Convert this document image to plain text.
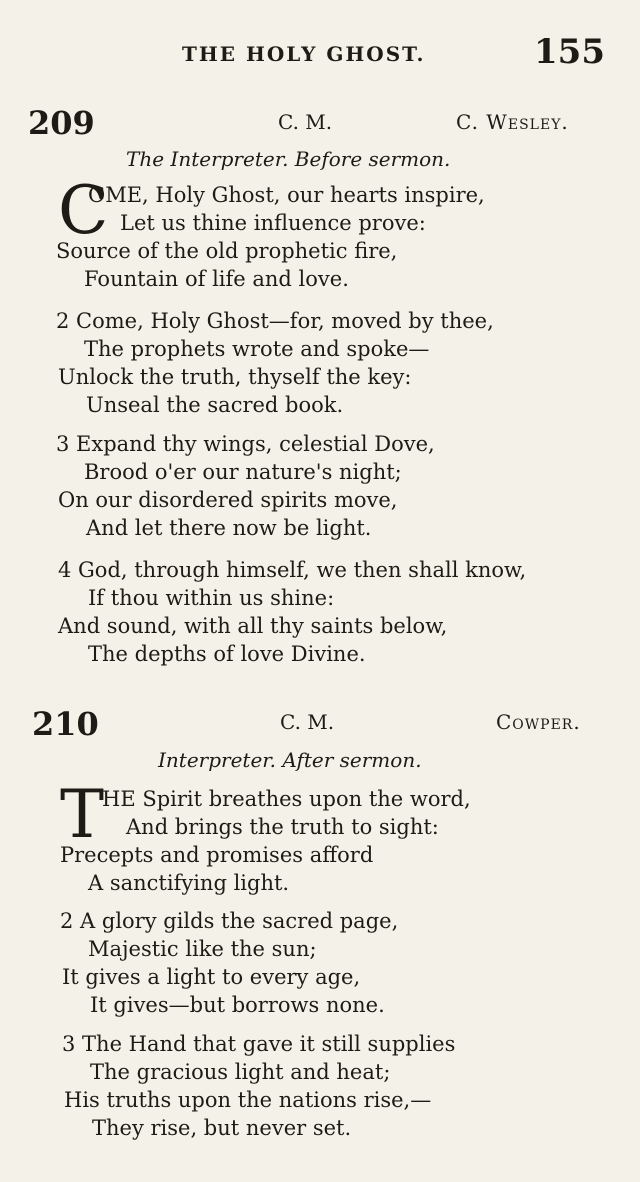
THE HOLY GHOST.	155
209	C. M.	C. Wesley.
The Interpreter. Before sermon.
C
OME, Holy Ghost, our hearts inspire,
Let us thine influence prove:
Source of the old prophetic fire,
Fountain of life and love.
2 Come, Holy Ghost—for, moved by thee,
The prophets wrote and spoke—
Unlock the truth, thyself the key:
Unseal the sacred book.
3 Expand thy wings, celestial Dove,
Brood o'er our nature's night;
On our disordered spirits move,
And let there now be light.
4 God, through himself, we then shall know,
If thou within us shine:
And sound, with all thy saints below,
The depths of love Divine.
210	C. M.	Cowper.
Interpreter. After sermon.
T
HE Spirit breathes upon the word,
And brings the truth to sight:
Precepts and promises afford
A sanctifying light.
2 A glory gilds the sacred page,
Majestic like the sun;
It gives a light to every age,
It gives—but borrows none.
3 The Hand that gave it still supplies
The gracious light and heat;
His truths upon the nations rise,—
They rise, but never set.
